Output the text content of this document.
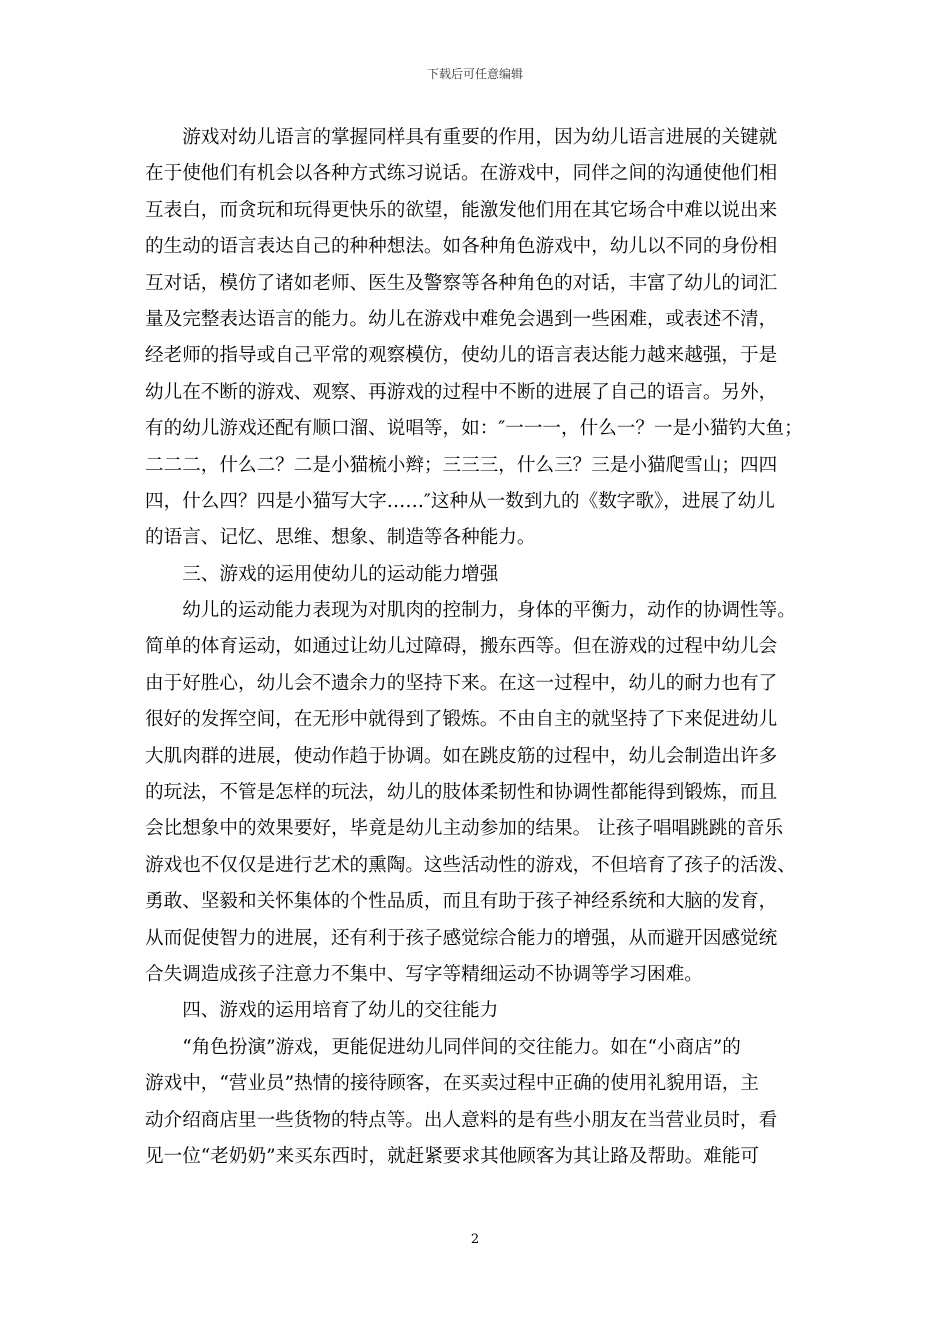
下载后可任意编辑
　　游戏对幼儿语言的掌握同样具有重要的作用，因为幼儿语言进展的关键就
在于使他们有机会以各种方式练习说话。在游戏中，同伴之间的沟通使他们相
互表白，而贪玩和玩得更快乐的欲望，能激发他们用在其它场合中难以说出来
的生动的语言表达自己的种种想法。如各种角色游戏中，幼儿以不同的身份相
互对话，模仿了诸如老师、医生及警察等各种角色的对话，丰富了幼儿的词汇
量及完整表达语言的能力。幼儿在游戏中难免会遇到一些困难，或表述不清，
经老师的指导或自己平常的观察模仿，使幼儿的语言表达能力越来越强，于是
幼儿在不断的游戏、观察、再游戏的过程中不断的进展了自己的语言。另外，
有的幼儿游戏还配有顺口溜、说唱等，如：″一一一，什么一？一是小猫钓大鱼；
二二二，什么二？二是小猫梳小辫；三三三，什么三？三是小猫爬雪山；四四
四，什么四？四是小猫写大字……″这种从一数到九的《数字歌》，进展了幼儿
的语言、记忆、思维、想象、制造等各种能力。
　　三、游戏的运用使幼儿的运动能力增强
　　幼儿的运动能力表现为对肌肉的控制力，身体的平衡力，动作的协调性等。
简单的体育运动，如通过让幼儿过障碍，搬东西等。但在游戏的过程中幼儿会
由于好胜心，幼儿会不遗余力的坚持下来。在这一过程中，幼儿的耐力也有了
很好的发挥空间，在无形中就得到了锻炼。不由自主的就坚持了下来促进幼儿
大肌肉群的进展，使动作趋于协调。如在跳皮筋的过程中，幼儿会制造出许多
的玩法，不管是怎样的玩法，幼儿的肢体柔韧性和协调性都能得到锻炼，而且
会比想象中的效果要好，毕竟是幼儿主动参加的结果。 让孩子唱唱跳跳的音乐
游戏也不仅仅是进行艺术的熏陶。这些活动性的游戏，不但培育了孩子的活泼、
勇敢、坚毅和关怀集体的个性品质，而且有助于孩子神经系统和大脑的发育，
从而促使智力的进展，还有利于孩子感觉综合能力的增强，从而避开因感觉统
合失调造成孩子注意力不集中、写字等精细运动不协调等学习困难。
　　四、游戏的运用培育了幼儿的交往能力
　　“角色扮演”游戏，更能促进幼儿同伴间的交往能力。如在“小商店”的
游戏中，“营业员”热情的接待顾客，在买卖过程中正确的使用礼貌用语，主
动介绍商店里一些货物的特点等。出人意料的是有些小朋友在当营业员时，看
见一位“老奶奶”来买东西时，就赶紧要求其他顾客为其让路及帮助。难能可
2
